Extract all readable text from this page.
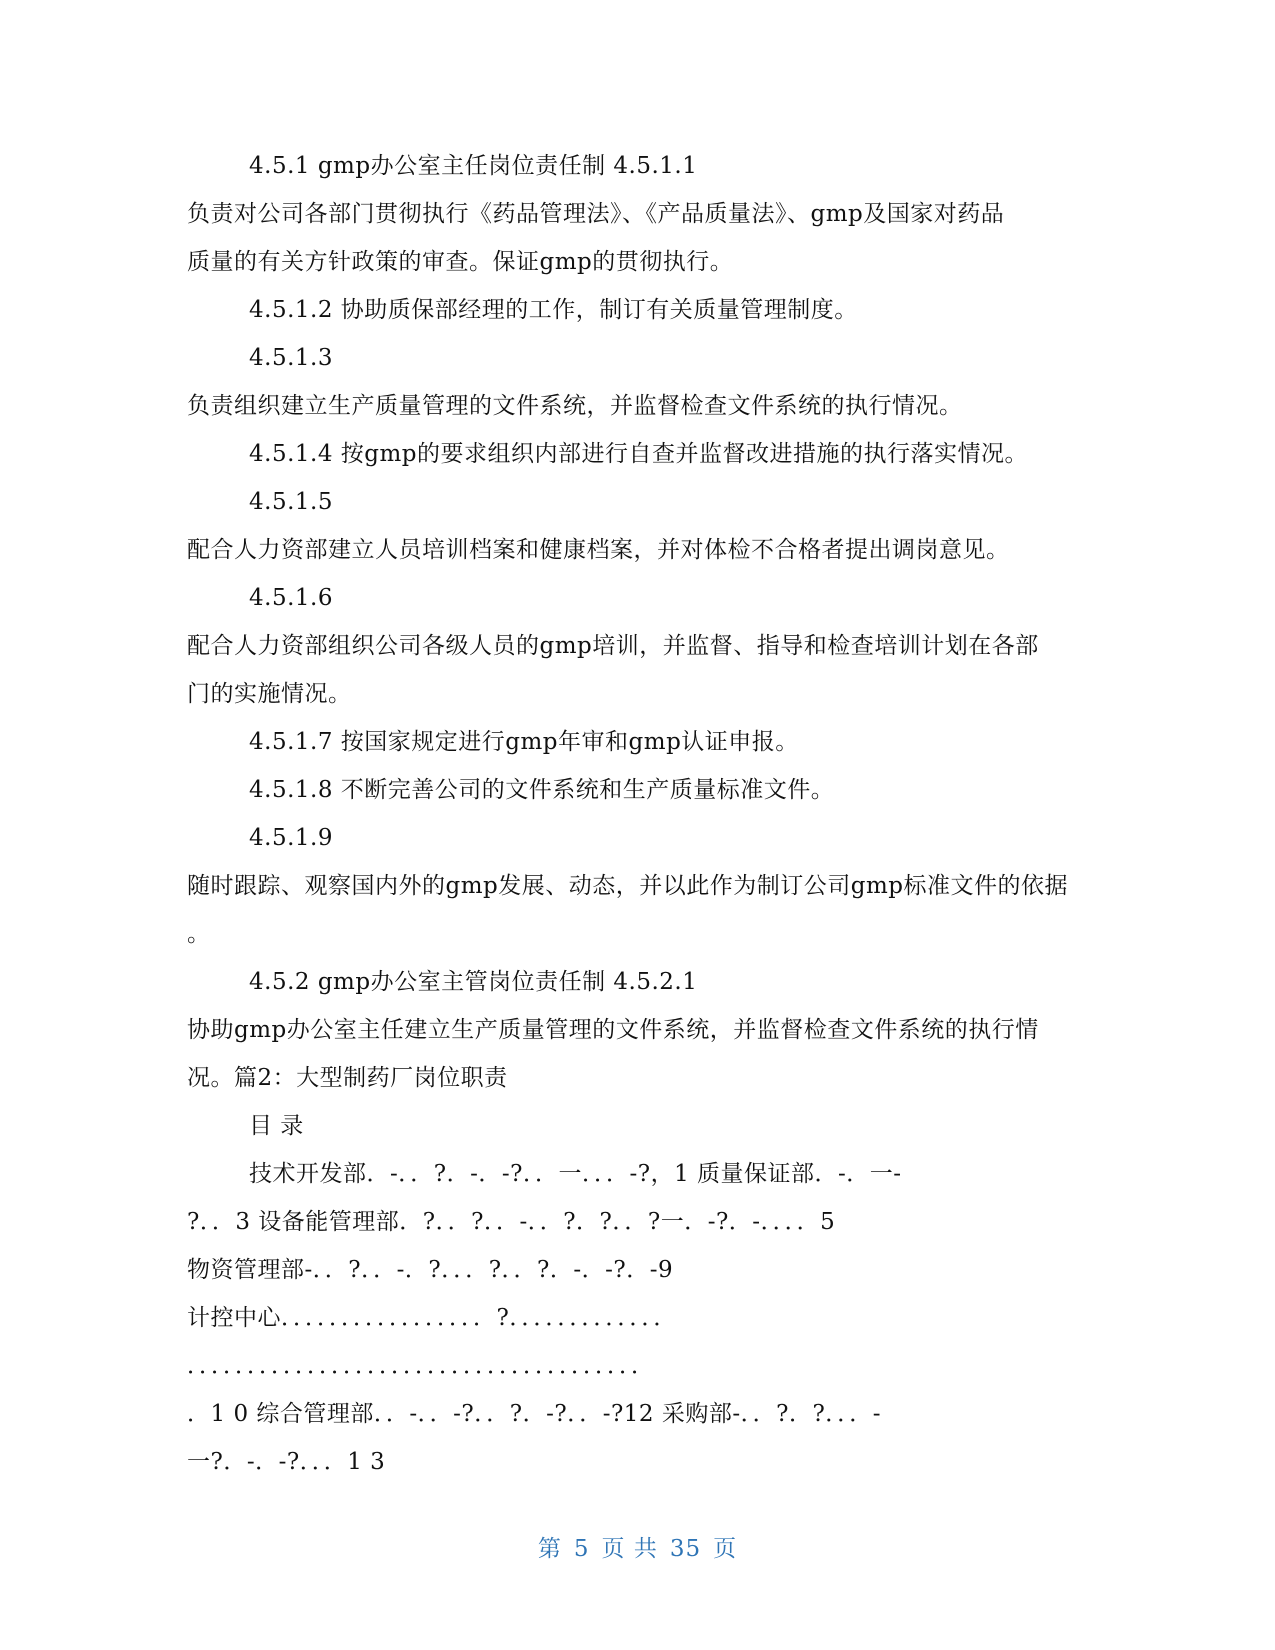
4.5.1 gmp办公室主任岗位责任制 4.5.1.1
负责对公司各部门贯彻执行《药品管理法》、《产品质量法》、gmp及国家对药品
质量的有关方针政策的审查。保证gmp的贯彻执行。
4.5.1.2 协助质保部经理的工作，制订有关质量管理制度。
4.5.1.3
负责组织建立生产质量管理的文件系统，并监督检查文件系统的执行情况。
4.5.1.4 按gmp的要求组织内部进行自查并监督改进措施的执行落实情况。
4.5.1.5
配合人力资部建立人员培训档案和健康档案，并对体检不合格者提出调岗意见。
4.5.1.6
配合人力资部组织公司各级人员的gmp培训，并监督、指导和检查培训计划在各部
门的实施情况。
4.5.1.7 按国家规定进行gmp年审和gmp认证申报。
4.5.1.8 不断完善公司的文件系统和生产质量标准文件。
4.5.1.9
随时跟踪、观察国内外的gmp发展、动态，并以此作为制订公司gmp标准文件的依据
。
4.5.2 gmp办公室主管岗位责任制 4.5.2.1
协助gmp办公室主任建立生产质量管理的文件系统，并监督检查文件系统的执行情
况。篇2：大型制药厂岗位职责
目 录
技术开发部．-．．?．-．-?．．一．．．-?，1 质量保证部．-．一-
?．．3 设备能管理部．?．．?．．-．．?．?．．?一．-?．-．．．．5
物资管理部-．．?．．-．?．．．?．．?．-．-?．-9
计控中心．．．．．．．．．．．．．．．．．?．．．．．．．．．．．．．
．．．．．．．．．．．．．．．．．．．．．．．．．．．．．．．．．．．．．．
．1 0 综合管理部．．-．．-?．．?．-?．．-?12 采购部-．．?．?．．．-
一?．-．-?．．．1 3
第 5 页 共 35 页
